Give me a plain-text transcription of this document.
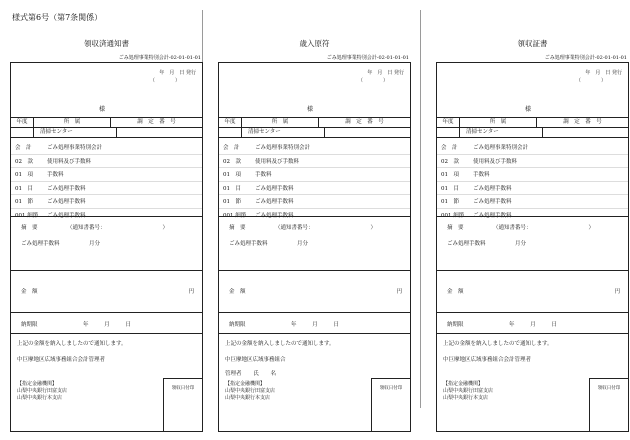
様式第6号（第7条関係）
領収済通知書
ごみ処理事業特別会計-02-01-01-01
年　月　日 発行
（　　　　）
様
年度	所　属	調　定　番　号
清掃センター
会　計	ごみ処理事業特別会計
02　款	使用料及び手数料
01　項	手数料
01　目	ごみ処理手数料
01　節	ごみ処理手数料
001 細節	ごみ処理手数料
摘　要	（通知書番号：	）
ごみ処理手数料	月分
金　額	円
納期限	年 月 日
上記の金額を納入しましたので通知します。
中巨摩地区広域事務組合会計管理者
【指定金融機関】
山梨中央銀行田富支店
山梨中央銀行本支店
領収日付印
歳入原符
ごみ処理事業特別会計-02-01-01-01
年　月　日 発行
（　　　　）
様
年度	所　属	調　定　番　号
清掃センター
会　計	ごみ処理事業特別会計
02　款	使用料及び手数料
01　項	手数料
01　目	ごみ処理手数料
01　節	ごみ処理手数料
001 細節	ごみ処理手数料
摘　要	（通知書番号：	）
ごみ処理手数料	月分
金　額	円
納期限	年 月 日
上記の金額を納入しましたので通知します。
中巨摩地区広域事務組合
管理者 氏 名
【指定金融機関】
山梨中央銀行田富支店
山梨中央銀行本支店
領収日付印
領収証書
ごみ処理事業特別会計-02-01-01-01
年　月　日 発行
（　　　　）
様
年度	所　属	調　定　番　号
清掃センター
会　計	ごみ処理事業特別会計
02　款	使用料及び手数料
01　項	手数料
01　目	ごみ処理手数料
01　節	ごみ処理手数料
001 細節	ごみ処理手数料
摘　要	（通知書番号：	）
ごみ処理手数料	月分
金　額	円
納期限	年 月 日
上記の金額を納入しましたので通知します。
中巨摩地区広域事務組合会計管理者
【指定金融機関】
山梨中央銀行田富支店
山梨中央銀行本支店
領収日付印
